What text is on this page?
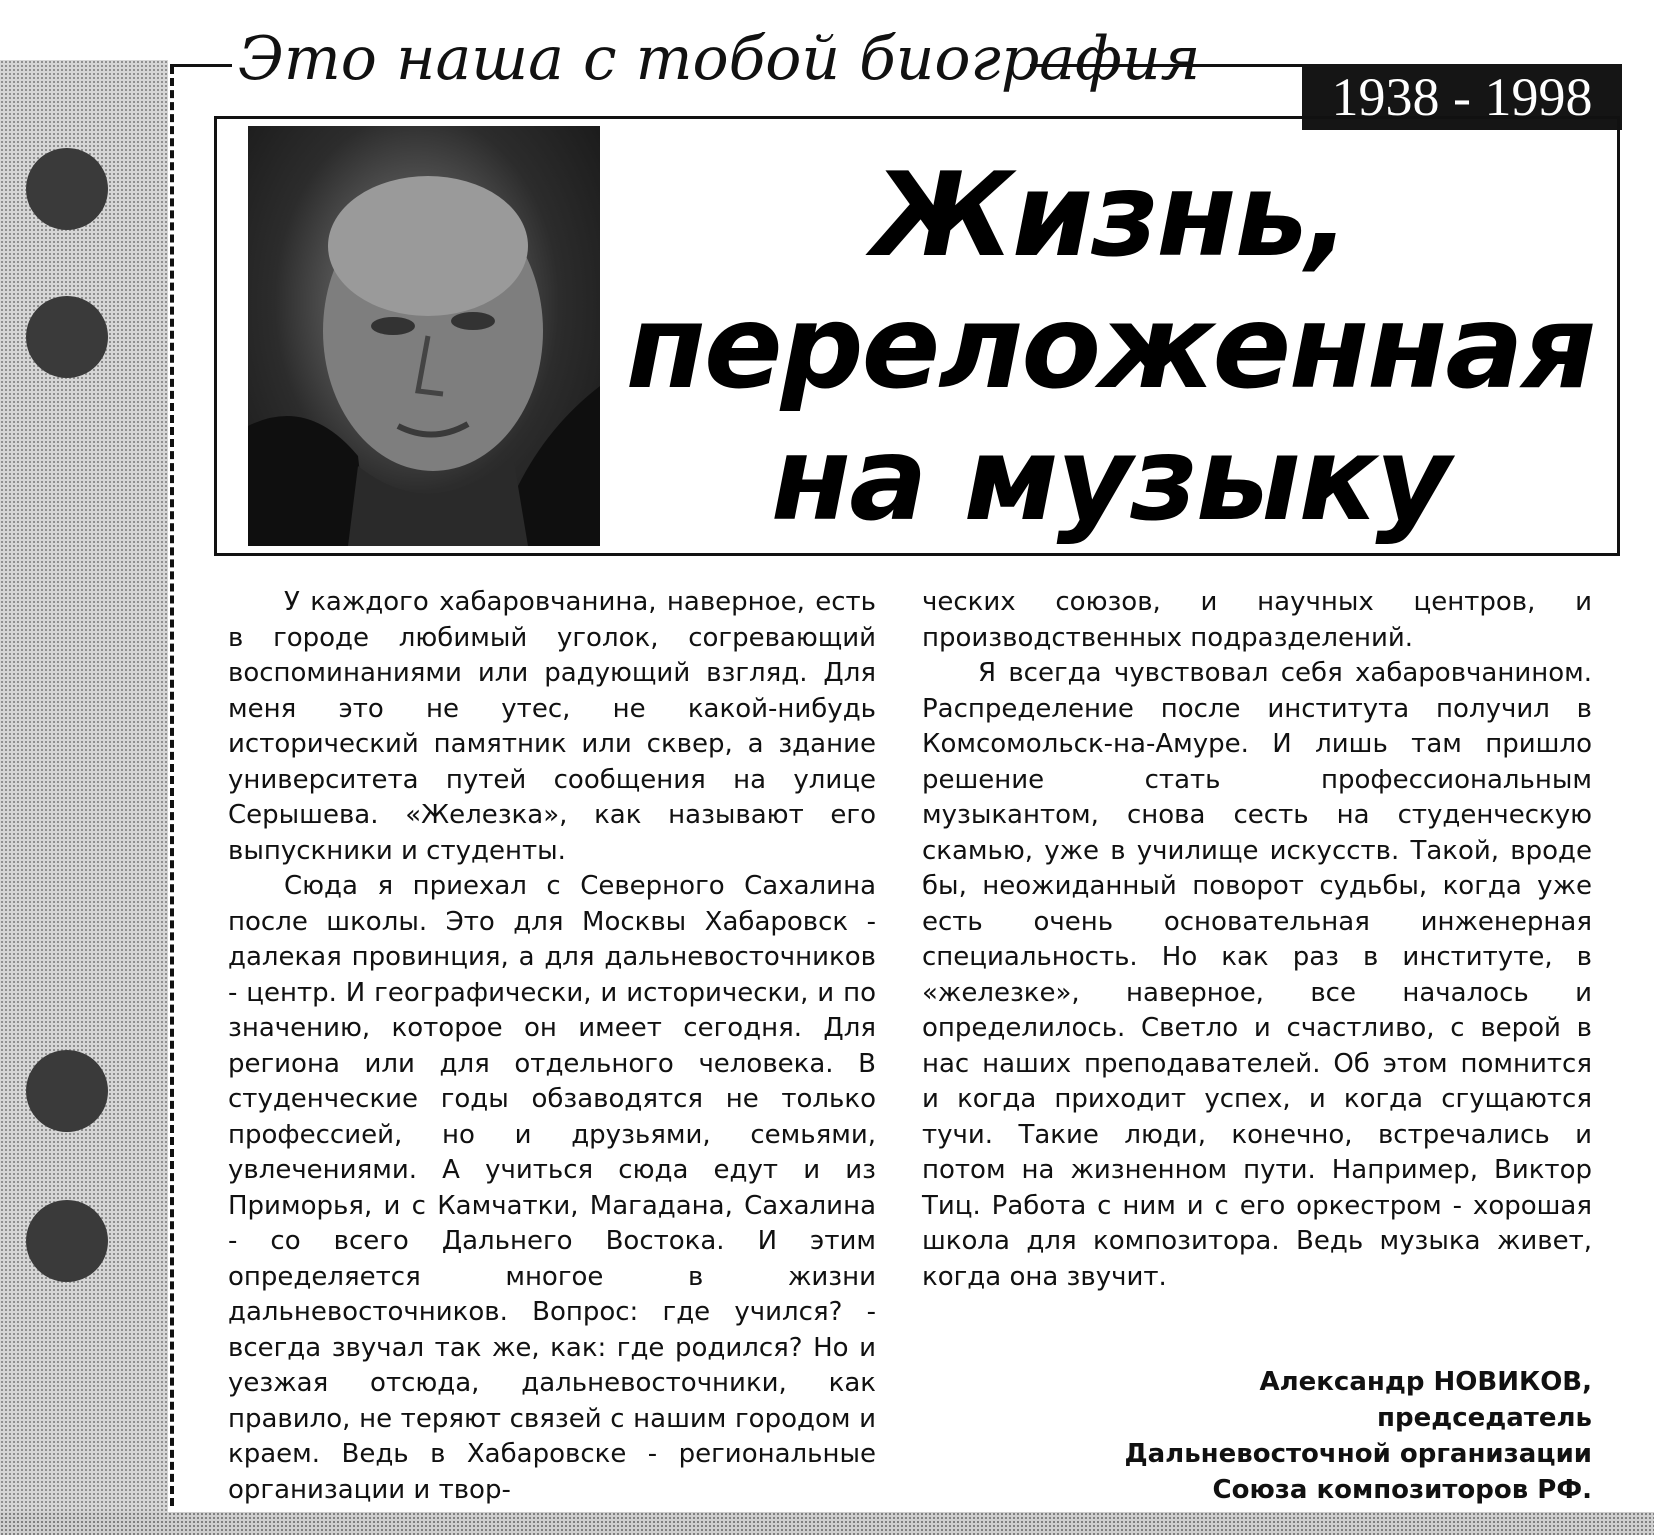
Это наша с тобой биография
1938 - 1998
Жизнь,
переложенная
на музыку

У каждого хабаровчанина, наверное, есть в городе любимый уголок, согревающий воспоминаниями или радующий взгляд. Для меня это не утес, не какой-нибудь исторический памятник или сквер, а здание университета путей сообщения на улице Серышева. «Железка», как называют его выпускники и студенты.

Сюда я приехал с Северного Сахалина после школы. Это для Москвы Хабаровск - далекая провинция, а для дальневосточников - центр. И географически, и исторически, и по значению, которое он имеет сегодня. Для региона или для отдельного человека. В студенческие годы обзаводятся не только профессией, но и друзьями, семьями, увлечениями. А учиться сюда едут и из Приморья, и с Камчатки, Магадана, Сахалина - со всего Дальнего Востока. И этим определяется многое в жизни дальневосточников. Вопрос: где учился? - всегда звучал так же, как: где родился? Но и уезжая отсюда, дальневосточники, как правило, не теряют связей с нашим городом и краем. Ведь в Хабаровске - региональные организации и твор-

ческих союзов, и научных центров, и производственных подразделений.

Я всегда чувствовал себя хабаровчанином. Распределение после института получил в Комсомольск-на-Амуре. И лишь там пришло решение стать профессиональным музыкантом, снова сесть на студенческую скамью, уже в училище искусств. Такой, вроде бы, неожиданный поворот судьбы, когда уже есть очень основательная инженерная специальность. Но как раз в институте, в «железке», наверное, все началось и определилось. Светло и счастливо, с верой в нас наших преподавателей. Об этом помнится и когда приходит успех, и когда сгущаются тучи. Такие люди, конечно, встречались и потом на жизненном пути. Например, Виктор Тиц. Работа с ним и с его оркестром - хорошая школа для композитора. Ведь музыка живет, когда она звучит.

Александр НОВИКОВ,
председатель
Дальневосточной организации
Союза композиторов РФ.
